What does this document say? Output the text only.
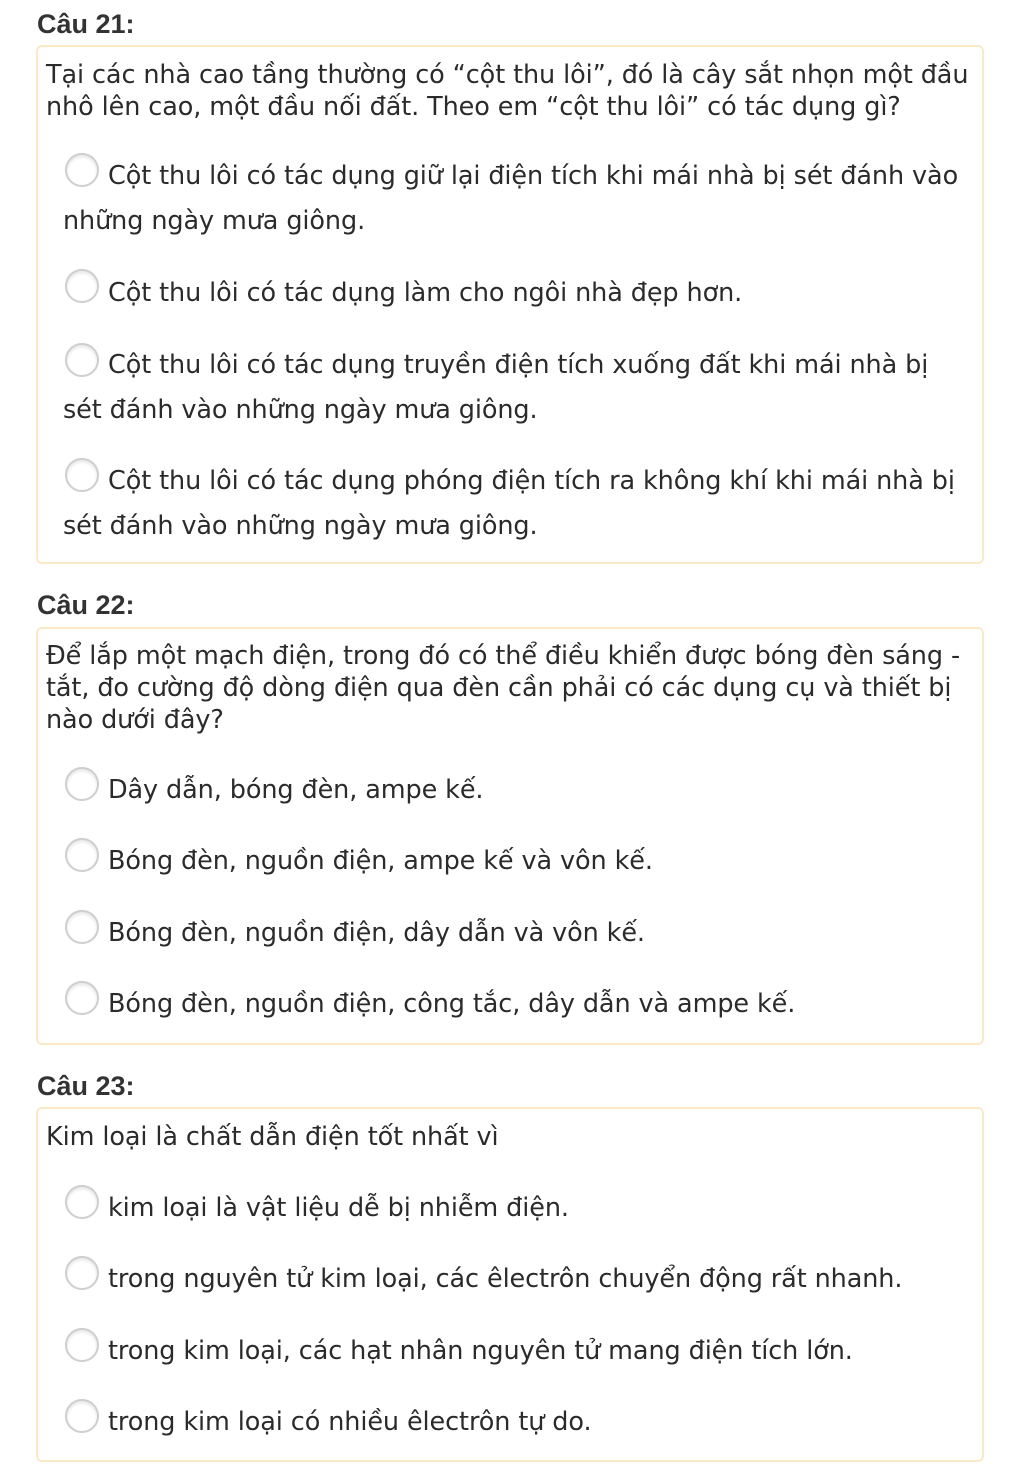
Câu 21:
Tại các nhà cao tầng thường có “cột thu lôi”, đó là cây sắt nhọn một đầu nhô lên cao, một đầu nối đất. Theo em “cột thu lôi” có tác dụng gì?
Cột thu lôi có tác dụng giữ lại điện tích khi mái nhà bị sét đánh vào những ngày mưa giông.
Cột thu lôi có tác dụng làm cho ngôi nhà đẹp hơn.
Cột thu lôi có tác dụng truyền điện tích xuống đất khi mái nhà bị sét đánh vào những ngày mưa giông.
Cột thu lôi có tác dụng phóng điện tích ra không khí khi mái nhà bị sét đánh vào những ngày mưa giông.
Câu 22:
Để lắp một mạch điện, trong đó có thể điều khiển được bóng đèn sáng - tắt, đo cường độ dòng điện qua đèn cần phải có các dụng cụ và thiết bị nào dưới đây?
Dây dẫn, bóng đèn, ampe kế.
Bóng đèn, nguồn điện, ampe kế và vôn kế.
Bóng đèn, nguồn điện, dây dẫn và vôn kế.
Bóng đèn, nguồn điện, công tắc, dây dẫn và ampe kế.
Câu 23:
Kim loại là chất dẫn điện tốt nhất vì
kim loại là vật liệu dễ bị nhiễm điện.
trong nguyên tử kim loại, các êlectrôn chuyển động rất nhanh.
trong kim loại, các hạt nhân nguyên tử mang điện tích lớn.
trong kim loại có nhiều êlectrôn tự do.
